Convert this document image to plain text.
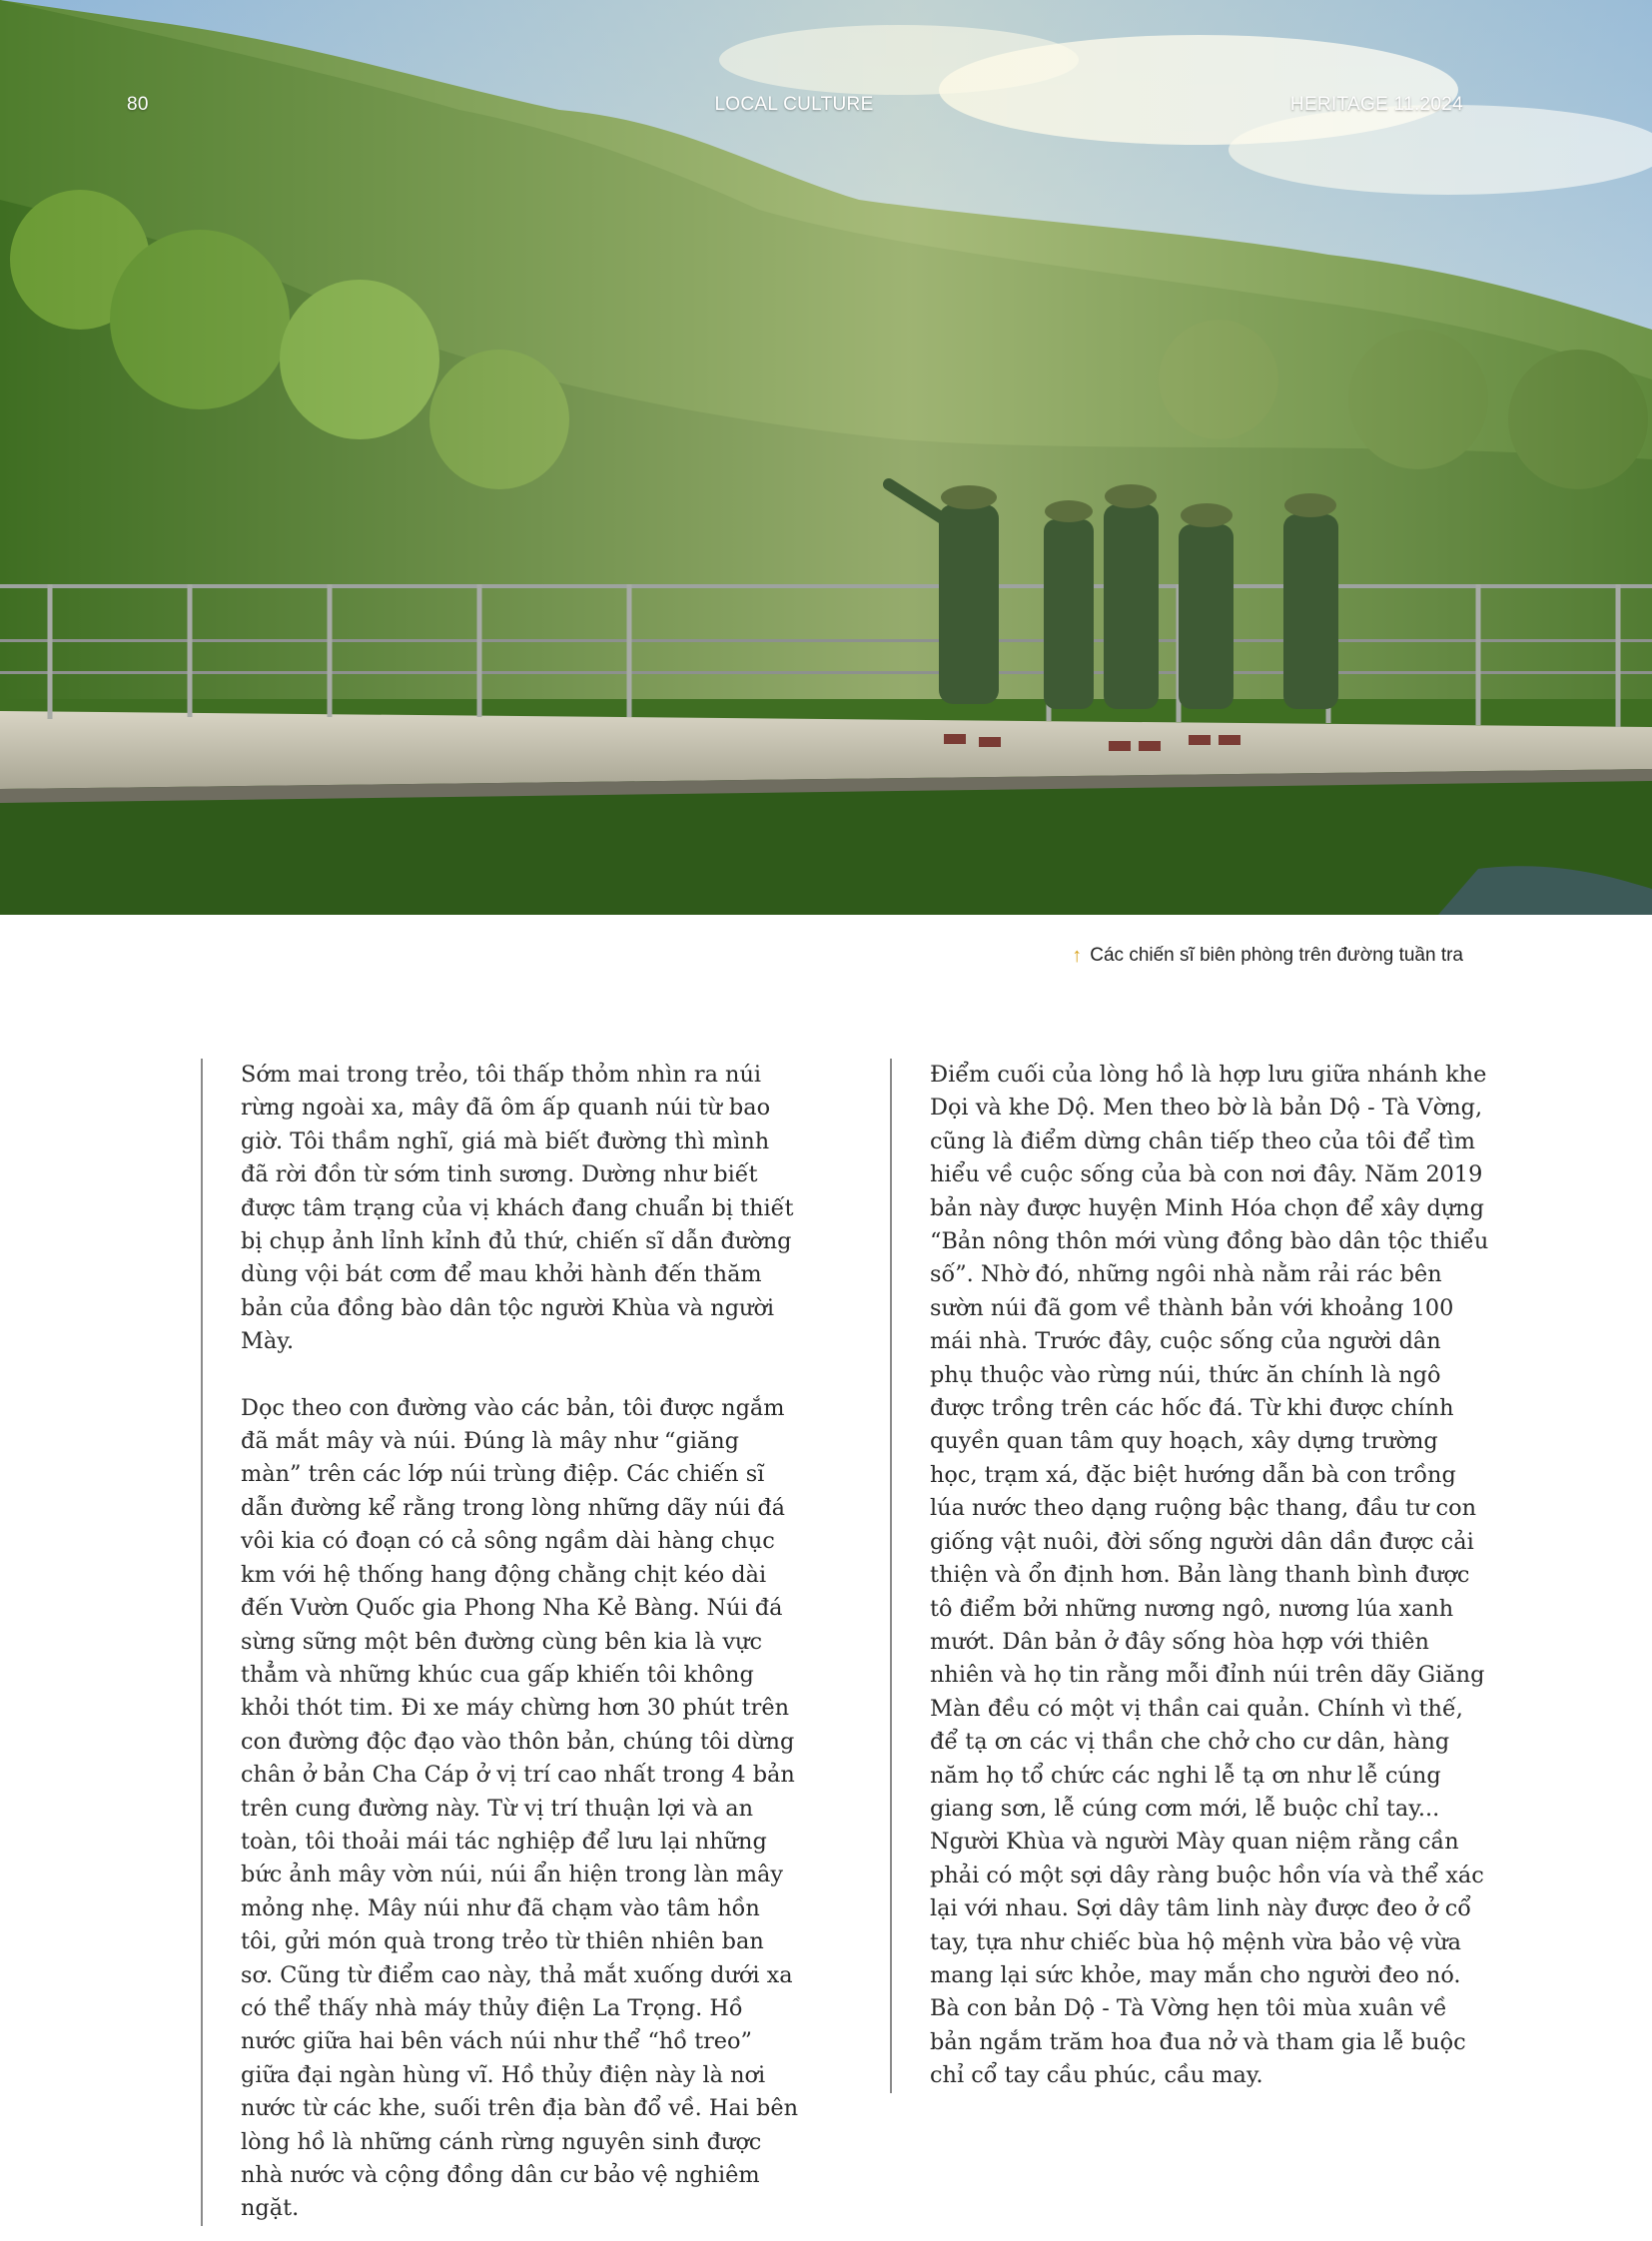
80	LOCAL CULTURE	HERITAGE 11.2024
↑ Các chiến sĩ biên phòng trên đường tuần tra

Sớm mai trong trẻo, tôi thấp thỏm nhìn ra núi rừng ngoài xa, mây đã ôm ấp quanh núi từ bao giờ. Tôi thầm nghĩ, giá mà biết đường thì mình đã rời đồn từ sớm tinh sương. Dường như biết được tâm trạng của vị khách đang chuẩn bị thiết bị chụp ảnh lỉnh kỉnh đủ thứ, chiến sĩ dẫn đường dùng vội bát cơm để mau khởi hành đến thăm bản của đồng bào dân tộc người Khùa và người Mày.

Dọc theo con đường vào các bản, tôi được ngắm đã mắt mây và núi. Đúng là mây như “giăng màn” trên các lớp núi trùng điệp. Các chiến sĩ dẫn đường kể rằng trong lòng những dãy núi đá vôi kia có đoạn có cả sông ngầm dài hàng chục km với hệ thống hang động chằng chịt kéo dài đến Vườn Quốc gia Phong Nha Kẻ Bàng. Núi đá sừng sững một bên đường cùng bên kia là vực thẳm và những khúc cua gấp khiến tôi không khỏi thót tim. Đi xe máy chừng hơn 30 phút trên con đường độc đạo vào thôn bản, chúng tôi dừng chân ở bản Cha Cáp ở vị trí cao nhất trong 4 bản trên cung đường này. Từ vị trí thuận lợi và an toàn, tôi thoải mái tác nghiệp để lưu lại những bức ảnh mây vờn núi, núi ẩn hiện trong làn mây mỏng nhẹ. Mây núi như đã chạm vào tâm hồn tôi, gửi món quà trong trẻo từ thiên nhiên ban sơ. Cũng từ điểm cao này, thả mắt xuống dưới xa có thể thấy nhà máy thủy điện La Trọng. Hồ nước giữa hai bên vách núi như thể “hồ treo” giữa đại ngàn hùng vĩ. Hồ thủy điện này là nơi nước từ các khe, suối trên địa bàn đổ về. Hai bên lòng hồ là những cánh rừng nguyên sinh được nhà nước và cộng đồng dân cư bảo vệ nghiêm ngặt.

Điểm cuối của lòng hồ là hợp lưu giữa nhánh khe Dọi và khe Dộ. Men theo bờ là bản Dộ - Tà Vờng, cũng là điểm dừng chân tiếp theo của tôi để tìm hiểu về cuộc sống của bà con nơi đây. Năm 2019 bản này được huyện Minh Hóa chọn để xây dựng “Bản nông thôn mới vùng đồng bào dân tộc thiểu số”. Nhờ đó, những ngôi nhà nằm rải rác bên sườn núi đã gom về thành bản với khoảng 100 mái nhà. Trước đây, cuộc sống của người dân phụ thuộc vào rừng núi, thức ăn chính là ngô được trồng trên các hốc đá. Từ khi được chính quyền quan tâm quy hoạch, xây dựng trường học, trạm xá, đặc biệt hướng dẫn bà con trồng lúa nước theo dạng ruộng bậc thang, đầu tư con giống vật nuôi, đời sống người dân dần được cải thiện và ổn định hơn. Bản làng thanh bình được tô điểm bởi những nương ngô, nương lúa xanh mướt. Dân bản ở đây sống hòa hợp với thiên nhiên và họ tin rằng mỗi đỉnh núi trên dãy Giăng Màn đều có một vị thần cai quản. Chính vì thế, để tạ ơn các vị thần che chở cho cư dân, hàng năm họ tổ chức các nghi lễ tạ ơn như lễ cúng giang sơn, lễ cúng cơm mới, lễ buộc chỉ tay... Người Khùa và người Mày quan niệm rằng cần phải có một sợi dây ràng buộc hồn vía và thể xác lại với nhau. Sợi dây tâm linh này được đeo ở cổ tay, tựa như chiếc bùa hộ mệnh vừa bảo vệ vừa mang lại sức khỏe, may mắn cho người đeo nó. Bà con bản Dộ - Tà Vờng hẹn tôi mùa xuân về bản ngắm trăm hoa đua nở và tham gia lễ buộc chỉ cổ tay cầu phúc, cầu may.
